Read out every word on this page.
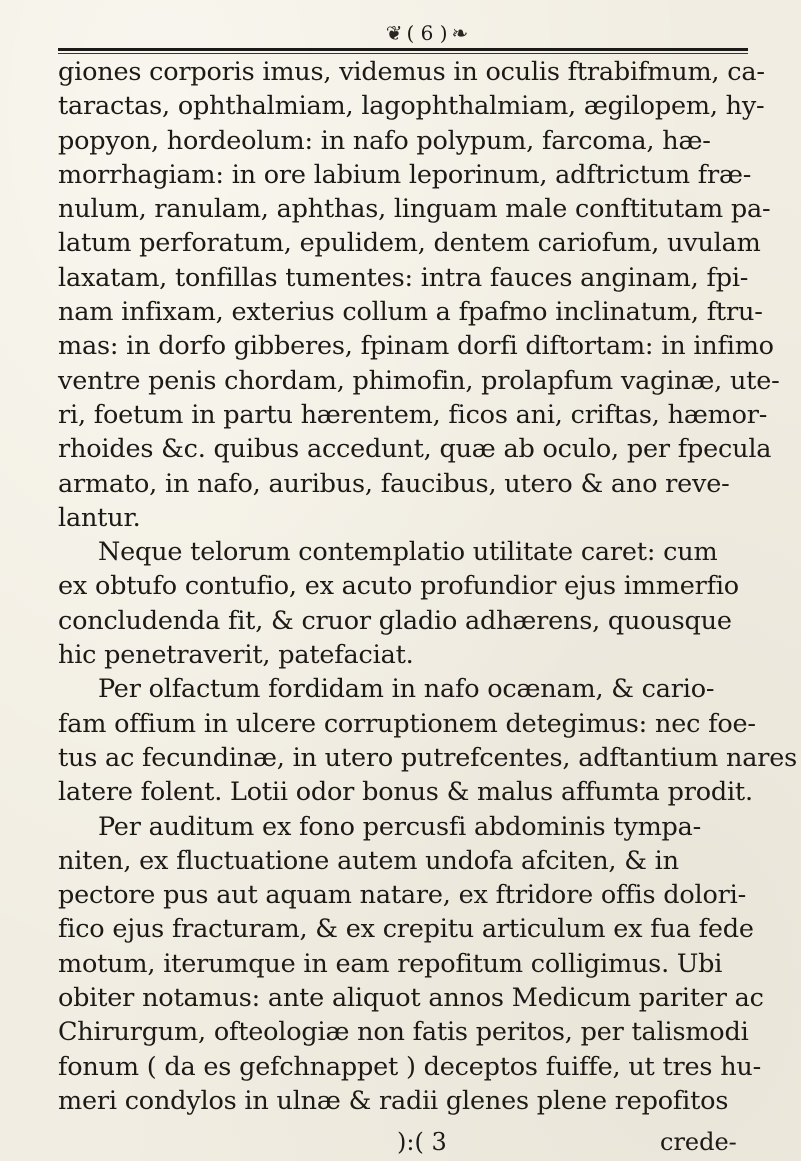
❦ ( 6 ) ❧
giones corporis imus, videmus in oculis ftrabifmum, ca-
taractas, ophthalmiam, lagophthalmiam, ægilopem, hy-
popyon, hordeolum: in nafo polypum, farcoma, hæ-
morrhagiam: in ore labium leporinum, adftrictum fræ-
nulum, ranulam, aphthas, linguam male conftitutam pa-
latum perforatum, epulidem, dentem cariofum, uvulam
laxatam, tonfillas tumentes: intra fauces anginam, fpi-
nam infixam, exterius collum a fpafmo inclinatum, ftru-
mas: in dorfo gibberes, fpinam dorfi diftortam: in infimo
ventre penis chordam, phimofin, prolapfum vaginæ, ute-
ri, foetum in partu hærentem, ficos ani, criftas, hæmor-
rhoides &c. quibus accedunt, quæ ab oculo, per fpecula
armato, in nafo, auribus, faucibus, utero & ano reve-
lantur.
Neque telorum contemplatio utilitate caret: cum
ex obtufo contufio, ex acuto profundior ejus immerfio
concludenda fit, & cruor gladio adhærens, quousque
hic penetraverit, patefaciat.
Per olfactum fordidam in nafo ocænam, & cario-
fam offium in ulcere corruptionem detegimus: nec foe-
tus ac fecundinæ, in utero putrefcentes, adftantium nares
latere folent. Lotii odor bonus & malus affumta prodit.
Per auditum ex fono percusfi abdominis tympa-
niten, ex fluctuatione autem undofa afciten, & in
pectore pus aut aquam natare, ex ftridore offis dolori-
fico ejus fracturam, & ex crepitu articulum ex fua fede
motum, iterumque in eam repofitum colligimus. Ubi
obiter notamus: ante aliquot annos Medicum pariter ac
Chirurgum, ofteologiæ non fatis peritos, per talismodi
fonum ( da es gefchnappet ) deceptos fuiffe, ut tres hu-
meri condylos in ulnæ & radii glenes plene repofitos
):( 3	crede-
